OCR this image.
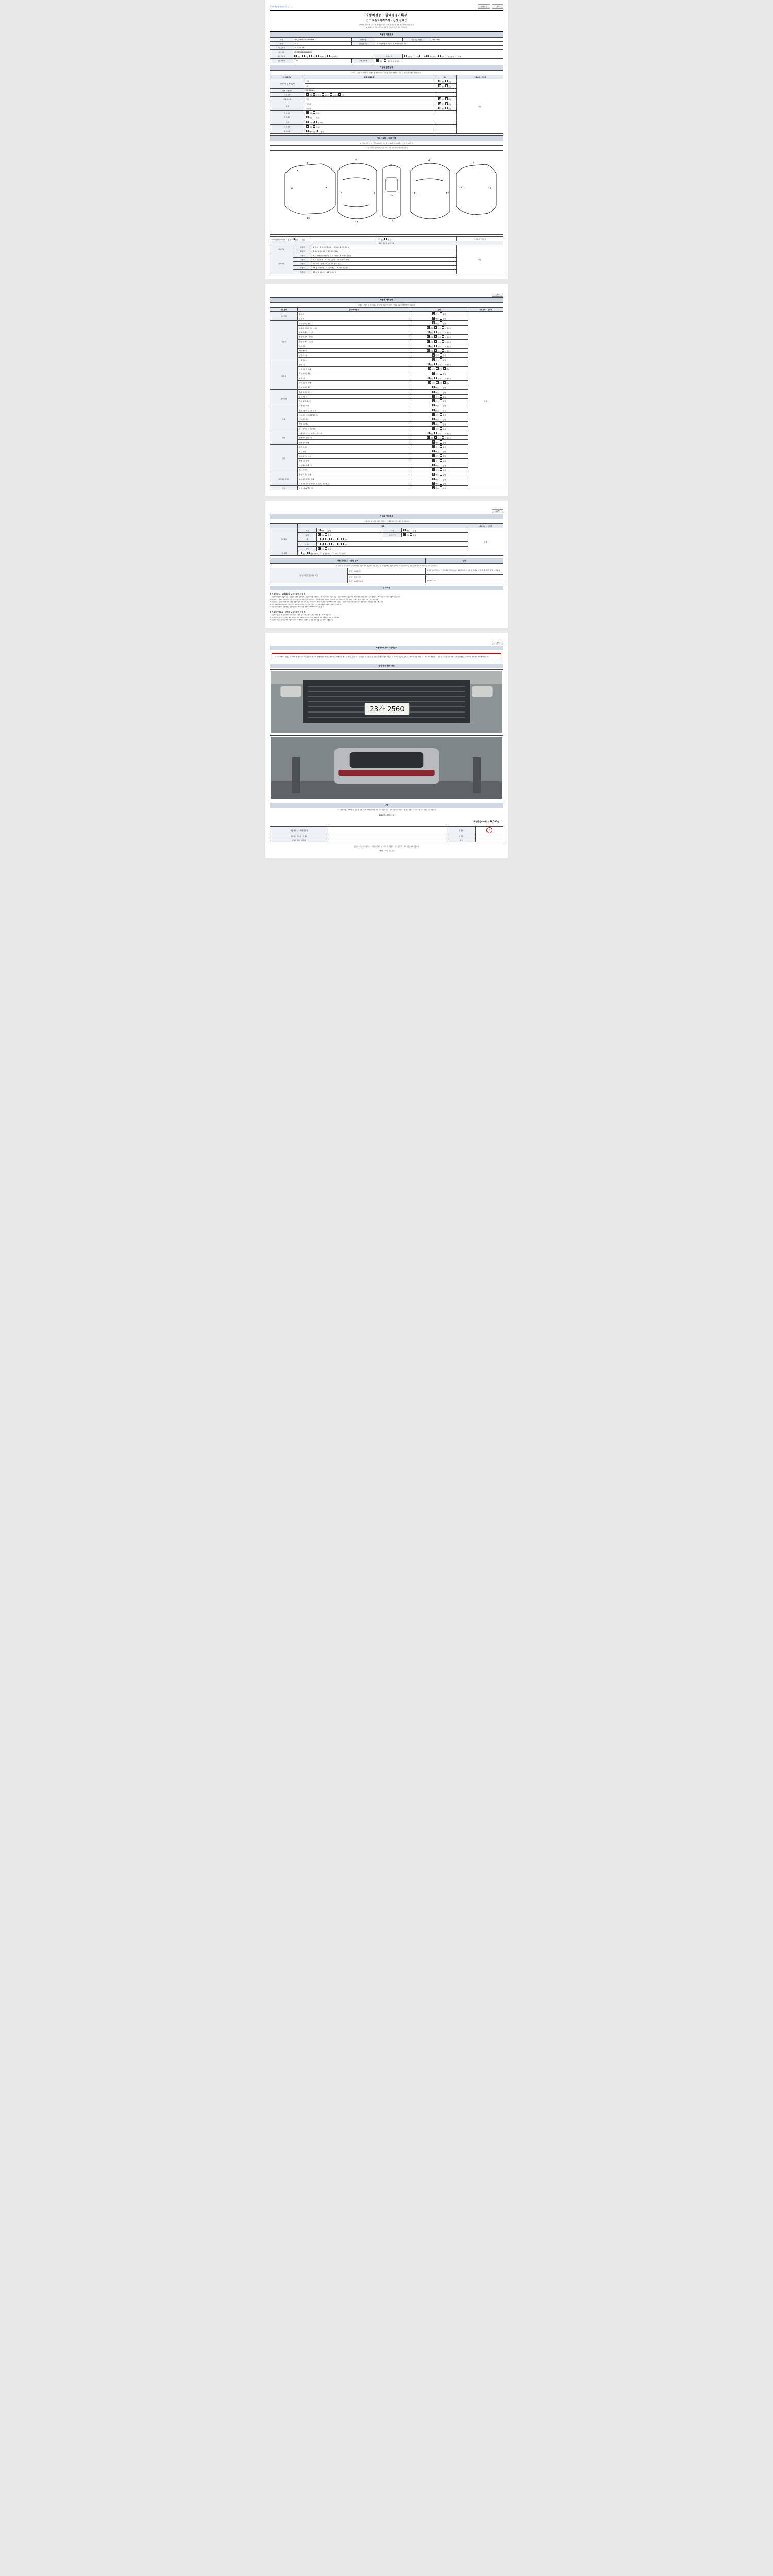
자동차성능·상태점검기록부	인쇄하기	(1/4쪽)
자동차성능 · 상태점검기록부
[ ☐ 자동차가격조사 · 산정 선택 ]
(거래상 기준가격은 동시산정 자동차가격조사 · 산정 등에 의한 경우에만 작성됩니다)
※ 유의사항 기재내용 동의 부분은 반드시 읽어보시기 바랍니다
자동차 기본정보					
차명	렉서스 LM500h Executive	세부명칭		자동차등록번호	23가2560
연식	2025	검사유효기간	2024년 11월 13일 ~ 2026년 11월 13일		
최초등록일	2024-11-13				
차대번호	JTHB4AADX05004900				
변속기종류	자동 수동 무단 세미오토 무단변속기		사용연료	가솔린 디젤 LPG 하이브리드 전기 수소전기 기타	
원동기형식	T24A	주행거리계	정상 비정상  표시 이상		
자동차 종합상태			
(매도, 주요골격, 거래조사 · 산정에 및 체크사항은 동시산정 자동차가격조사 · 산정을 원하신 경우에만 작성됩니다)			
☑ 사용이력	항목/해당항목	상태	가격조사 · 산정가
주행거리 및 계기상태	상용	양호 불량	만원
	계기	양호 불량	
현재 주행거리	12,339 km		
주요옵션	없음 운전석 동승석 사이드 커튼		
진동 / 소음	엔진	양호 불량	
좌석	앞좌석	양호 불량	
	뒤좌석	양호 불량	
특별이력	없음 있음		
용도변경	없음 있음		
색상	무채색 유채색		
주요옵션	없음 있음		
판매보증	배터리등록 없음		
사고 · 교환 · 수리 이력
※ 상태표시 부호 : X (교환), W (판금 또는 웰드), A (용접), C (교환), T (부식), U (흠집)
※ 하단 항목은 실제의 기준으로, 기타 차체 특성 상태차에 판매자 동의
1
2
3
4
5
6	7
8	9
10
11	12
13	14
15
16
17
☑ 사고(수리)이력(사고 있음) 없음 있음		없음 있음	가격조사 · 산정가
교환, 판금등 공간 부위			
외판부위	1랭크	1. 후드   2. 프론트펜더(좌)   3.도어   4.트렁크리드	만원
	2랭크	5.라디에이터서포트(볼트체결부품)	
골격부위	1랭크	6. 쿼터패널(리어펜더)   7. 루프패널   8. 사이드실패널	
	2랭크	9. 프론트패널   10. 크로스멤버   11. 인사이드패널	
	3랭크	12. 사이드멤버(프론트)   13. 휠하우스	
	4랭크	14. 플로어패널   15. 리어패널   16. 패키지트레이	
	5랭크	17. 트렁크플로어   18. 루프레일	
(2/4쪽)
자동차 세부상태			
(거래상 · 산정에 및 체크사항은 동시산정 자동차가격조사 · 산정을 원하신 경우에만 작성됩니다)			
주요장치	항목/해당항목	상태	가격조사 · 산정가
자기진단	원동기	양호  불량	만원
	변속기	양호  불량	
원동기	작동상태(공회전)	양호  불량	
	실린더 커버(로커암 커버)	없음  누유  미세누유	
	실린더 헤드 / 개스킷	없음  누유  미세누유	
	실린더 블록 / 오일팬	없음  누유  미세누유	
	실린더 헤드 / 개스킷	없음  누유  미세누유	
	워터펌프	없음  누수  미세누수	
	라디에이터	없음  누수  미세누수	
	냉각수 수량	적정  부족	
	커넥팅로드	양호  불량	
변속기	오일누유	없음  누유  미세누유	
	오일유량 및 상태	적정  부족  과다	
	작동상태(공회전)	양호  불량	
	오일누유	없음  누유  미세누유	
	오일유량 및 상태	적정  부족  과다	
	작동상태(공회전)	양호  불량	
동력전달	클러치 어셈블리	양호  불량	
	등속조인트	양호  불량	
	추진축 및 베어링	양호  불량	
	디퍼런셜 기어	양호  불량	
조향	동력조향 작동 오일 누유	없음  누유	
	스티어링 기어(MDPS포함)	양호  불량	
	스티어링펌프	양호  불량	
	타이로드엔드	양호  불량	
	필드링크(또는 볼조인트)	양호  불량	
제동	브레이크 마스터 실린더오일 누유	없음  누유  미세누유	
	브레이크 오일 누유	없음  누유  미세누유	
	배력장치 상태	양호  불량	
전기	발전기 출력	양호  불량	
	시동 모터	양호  불량	
	와이퍼 모터 기능	양호  불량	
	실내송풍 모터	양호  불량	
	라디에이터 팬 모터	양호  불량	
	윈도우 모터	양호  불량	
고전원전기장치	충전구 절연 상태	양호  불량	
	구동축전지 격리 상태	양호  불량	
	고전원전기배선 상태(피복, 손상, 절연체 등)	양호  불량	
연료	연료누출(LPG포함)	없음  누출	
(3/4쪽)
자동차 기타정보					
(중 항목은 동시산정 자동차가격조사 · 산정을 원하신 경우에만 작성됩니다)					
	항목				가격조사 · 산정가
수리필요	외장	양호 불량	내장	양호 불량	만원
	광택	양호 불량	룸 크리닝	양호 불량	
	휠	전 후   좌 우   기타			
	타이어	전 후   좌 우   기타			
	유리	양호 불량			
기본품목	없음   사용설명서   안전삼각대   잭   스패너				
종합 가격조사 · 산정 금액		인하
※ 가격조사 · 산정가격은 당일차량상태 기준가격에 성능상태 부분 가격조사 · 산정금액을 합산한 금액입니다. (감가상태 등 차량정보에 따라 가격이 변동 될 수 있습니다.)		
특기사항 및 점검자의 의견	점검 · 상태점검자	점검에 적은 항목이 기재 부분은 점검시에서 제외되며 특기 사항은 차량의 구조, 도색, 부식 판별 수 있습니다.
	점검 · 조사산정자	
	점검 · 상태점검일자	2026-03-11
유의사항
※ 자동차성능 · 상태점검자 보증에 관한 사항 등

1. 자동차매매업자가 자동차성능 · 상태점검자에게 의뢰하여 「자동차관리법 시행규칙」 제120조에 따른 자동차성능 · 상태점검기록부를 발급받아 매수인에게 고지한 경우 자동차매매업자는 해당 내용에 대하여 보증책임을 집니다.

2. 자동차성능 · 상태점검자의 가격조사 · 산정 내용은 매수인이 자동차가격조사 · 산정을 의뢰한 경우에만 기재하며, 자동차가격조사 · 산정 금액은 구매 시 참고사항이며 법적 효력은 없습니다.

3. 자동차성능 · 상태점검기록부에 기재된 내용과 실제 자동차의 성능 · 상태가 다른 경우 자동차관리법 제58조의4(자동차성능 · 상태점검자의 보증책임)에 따라 보증기간 내에 보상을 받을 수 있습니다.

4. 성능 · 상태점검 내용에 대한 이의가 있는 경우에는 자동차성능 · 상태점검자 또는 자동차매매업자에게 문의하시기 바랍니다.

5. 점검 · 상태점검자의 보증범위는 점검일로부터 30일 이내, 주행거리 2,000km 이내로 합니다.

※ 자동차가격조사 · 산정자 보증에 관한 사항 등

1. 자동차가격조사 · 산정은 매수인이 의뢰한 경우에만 실시되며 그 결과는 참고자료로 활용하시기 바랍니다.

2. 자동차가격조사 · 산정 내용은 해당 자동차의 현재 상태를 기준으로 산정한 금액이며 실제 거래금액과 다를 수 있습니다.

3. 자동차가격조사 · 산정 금액은 자동차의 연식, 주행거리, 사고유무, 옵션 등 제반 사항을 고려하여 산정합니다.

(4/4쪽)
자동차가격조사 · 산정단서
※「가격조사 · 산정」은 100%가 정확하다고 보증할 수 없으며 관계 법령에 의한 소비자의 요청에 의한 참고용 가격조사입니다. 본 차량은 성능점검 및 품질보증 대상차량이 아님을 고지하며, 차량의 상태는 구매자가 직접 확인 후 구매하시기 바랍니다. 차량 보증 및 환불에 대한 구체적인 내용은 소비자와 판매자의 계약에 따릅니다.
점검 당시 촬영 사진
23가 2560
서명
「자동차관리법」 제58조 및 같은 법 시행규칙 제120조에 따라 위와 같이 자동차성능 · 상태점검 및 가격조사 · 산정을 하였고, 그 기록부를 교부하였음을 확인합니다.
2026년 03월 11일
책정받은수수료 : 66,700원
자동차성능 · 상태 점검자		점검자	인
자동차가격조사 · 산정자		점검자	
자동차매매 · 사업자		대표	
본인(매수인)은 자동차성능 · 상태점검기록부 및 「자동차가격조사 · 산정 선택란」 교부받았음을 확인합니다.
매수인 : (서명 또는 인)
